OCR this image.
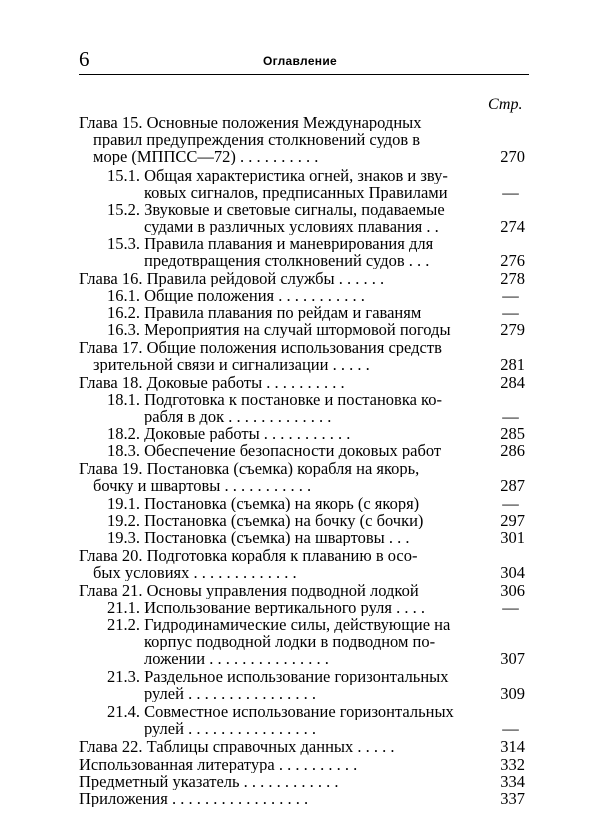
6	Оглавление
Стр.
Глава 15. Основные положения Международных
правил предупреждения столкновений судов в
море (МППСС—72) . . . . . . . . . .	270
15.1. Общая характеристика огней, знаков и зву-
ковых сигналов, предписанных Правилами	—
15.2. Звуковые и световые сигналы, подаваемые
судами в различных условиях плавания . .	274
15.3. Правила плавания и маневрирования для
предотвращения столкновений судов . . .	276
Глава 16. Правила рейдовой службы . . . . . .	278
16.1. Общие положения . . . . . . . . . . .	—
16.2. Правила плавания по рейдам и гаваням	—
16.3. Мероприятия на случай штормовой погоды	279
Глава 17. Общие положения использования средств
зрительной связи и сигнализации . . . . .	281
Глава 18. Доковые работы . . . . . . . . . .	284
18.1. Подготовка к постановке и постановка ко-
рабля в док . . . . . . . . . . . . .	—
18.2. Доковые работы . . . . . . . . . . .	285
18.3. Обеспечение безопасности доковых работ	286
Глава 19. Постановка (съемка) корабля на якорь,
бочку и швартовы . . . . . . . . . . .	287
19.1. Постановка (съемка) на якорь (с якоря)	—
19.2. Постановка (съемка) на бочку (с бочки)	297
19.3. Постановка (съемка) на швартовы . . .	301
Глава 20. Подготовка корабля к плаванию в осо-
бых условиях . . . . . . . . . . . . .	304
Глава 21. Основы управления подводной лодкой	306
21.1. Использование вертикального руля . . . .	—
21.2. Гидродинамические силы, действующие на
корпус подводной лодки в подводном по-
ложении . . . . . . . . . . . . . . .	307
21.3. Раздельное использование горизонтальных
рулей . . . . . . . . . . . . . . . .	309
21.4. Совместное использование горизонтальных
рулей . . . . . . . . . . . . . . . .	—
Глава 22. Таблицы справочных данных . . . . .	314
Использованная литература . . . . . . . . . .	332
Предметный указатель . . . . . . . . . . . .	334
Приложения . . . . . . . . . . . . . . . . .	337
